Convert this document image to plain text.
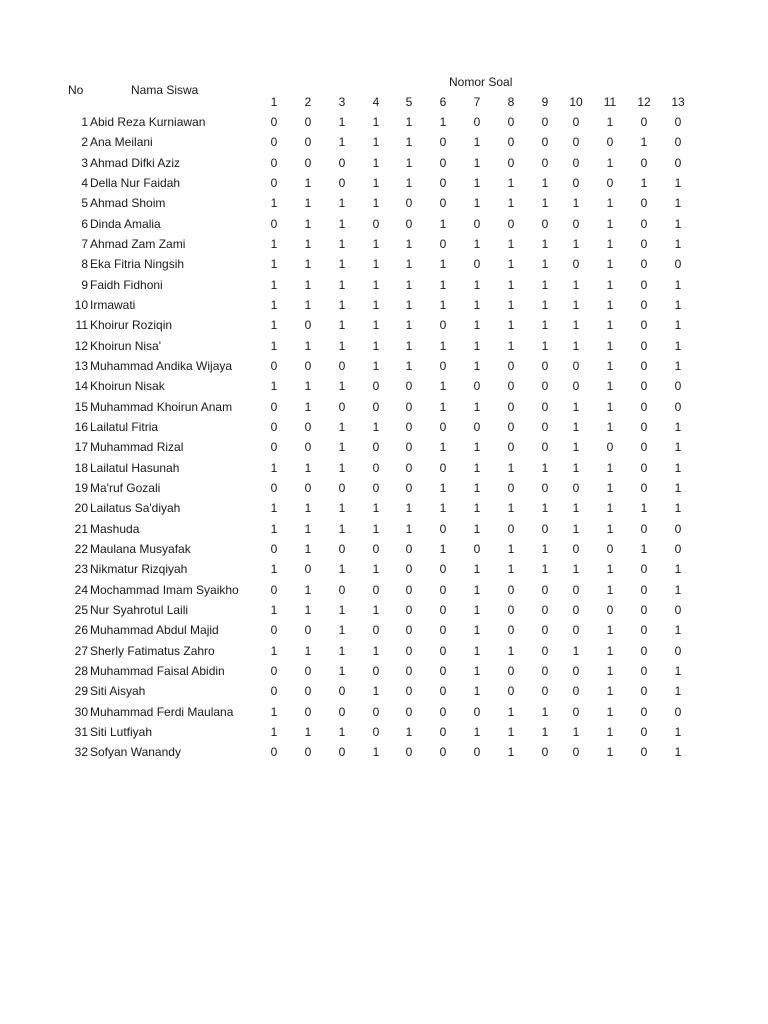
No	Nama Siswa
Nomor Soal
1	2	3	4	5	6	7	8	9	10	11	12	13
1 Abid Reza Kurniawan	0	0	1	1	1	1	0	0	0	0	1	0	0
2 Ana Meilani	0	0	1	1	1	0	1	0	0	0	0	1	0
3 Ahmad Difki Aziz	0	0	0	1	1	0	1	0	0	0	1	0	0
4 Della Nur Faidah	0	1	0	1	1	0	1	1	1	0	0	1	1
5 Ahmad Shoim	1	1	1	1	0	0	1	1	1	1	1	0	1
6 Dinda Amalia	0	1	1	0	0	1	0	0	0	0	1	0	1
7 Ahmad Zam Zami	1	1	1	1	1	0	1	1	1	1	1	0	1
8 Eka Fitria Ningsih	1	1	1	1	1	1	0	1	1	0	1	0	0
9 Faidh Fidhoni	1	1	1	1	1	1	1	1	1	1	1	0	1
10 Irmawati	1	1	1	1	1	1	1	1	1	1	1	0	1
11 Khoirur Roziqin	1	0	1	1	1	0	1	1	1	1	1	0	1
12 Khoirun Nisa'	1	1	1	1	1	1	1	1	1	1	1	0	1
13 Muhammad Andika Wijaya	0	0	0	1	1	0	1	0	0	0	1	0	1
14 Khoirun Nisak	1	1	1	0	0	1	0	0	0	0	1	0	0
15 Muhammad Khoirun Anam	0	1	0	0	0	1	1	0	0	1	1	0	0
16 Lailatul Fitria	0	0	1	1	0	0	0	0	0	1	1	0	1
17 Muhammad Rizal	0	0	1	0	0	1	1	0	0	1	0	0	1
18 Lailatul Hasunah	1	1	1	0	0	0	1	1	1	1	1	0	1
19 Ma'ruf Gozali	0	0	0	0	0	1	1	0	0	0	1	0	1
20 Lailatus Sa'diyah	1	1	1	1	1	1	1	1	1	1	1	1	1
21 Mashuda	1	1	1	1	1	0	1	0	0	1	1	0	0
22 Maulana Musyafak	0	1	0	0	0	1	0	1	1	0	0	1	0
23 Nikmatur Rizqiyah	1	0	1	1	0	0	1	1	1	1	1	0	1
24 Mochammad Imam Syaikho	0	1	0	0	0	0	1	0	0	0	1	0	1
25 Nur Syahrotul Laili	1	1	1	1	0	0	1	0	0	0	0	0	0
26 Muhammad Abdul Majid	0	0	1	0	0	0	1	0	0	0	1	0	1
27 Sherly Fatimatus Zahro	1	1	1	1	0	0	1	1	0	1	1	0	0
28 Muhammad Faisal Abidin	0	0	1	0	0	0	1	0	0	0	1	0	1
29 Siti Aisyah	0	0	0	1	0	0	1	0	0	0	1	0	1
30 Muhammad Ferdi Maulana	1	0	0	0	0	0	0	1	1	0	1	0	0
31 Siti Lutfiyah	1	1	1	0	1	0	1	1	1	1	1	0	1
32 Sofyan Wanandy	0	0	0	1	0	0	0	1	0	0	1	0	1
